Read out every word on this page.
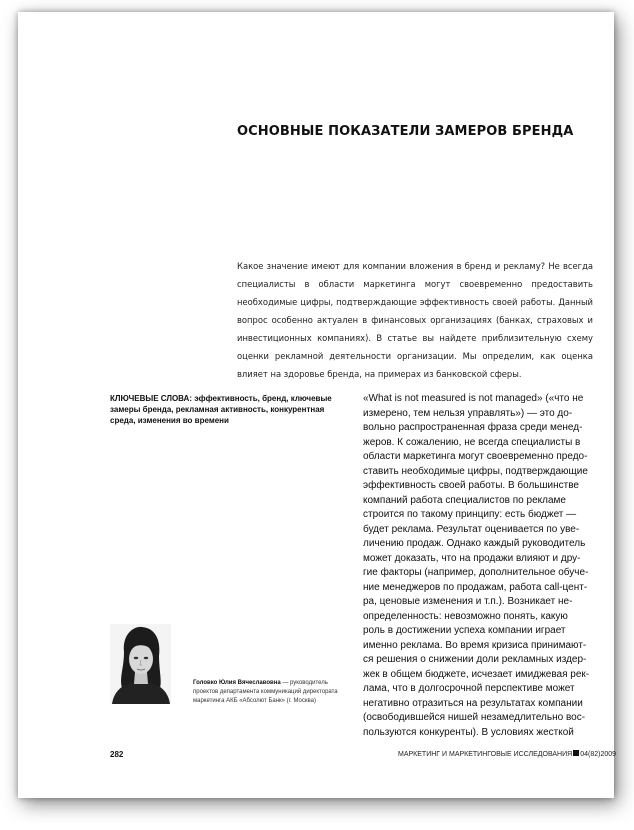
ОСНОВНЫЕ ПОКАЗАТЕЛИ ЗАМЕРОВ БРЕНДА

Какое значение имеют для компании вложения в бренд и рекламу? Не всегда специалисты в области маркетинга могут своевременно предоставить необходимые цифры, подтверждающие эффективность своей работы. Данный вопрос особенно актуален в финансовых организациях (банках, страховых и инвестиционных компаниях). В статье вы найдете приблизительную схему оценки рекламной деятельности организации. Мы определим, как оценка влияет на здоровье бренда, на примерах из банковской сферы.

КЛЮЧЕВЫЕ СЛОВА: эффективность, бренд, ключевые замеры бренда, рекламная активность, конкурентная среда, изменения во времени
«What is not measured is not managed» («что не
измерено, тем нельзя управлять») — это до-
вольно распространенная фраза среди менед-
жеров. К сожалению, не всегда специалисты в
области маркетинга могут своевременно предо-
ставить необходимые цифры, подтверждающие
эффективность своей работы. В большинстве
компаний работа специалистов по рекламе
строится по такому принципу: есть бюджет —
будет реклама. Результат оценивается по уве-
личению продаж. Однако каждый руководитель
может доказать, что на продажи влияют и дру-
гие факторы (например, дополнительное обуче-
ние менеджеров по продажам, работа call-цент-
ра, ценовые изменения и т.п.). Возникает не-
определенность: невозможно понять, какую
роль в достижении успеха компании играет
именно реклама. Во время кризиса принимают-
ся решения о снижении доли рекламных издер-
жек в общем бюджете, исчезает имиджевая рек-
лама, что в долгосрочной перспективе может
негативно отразиться на результатах компании
(освободившейся нишей незамедлительно вос-
пользуются конкуренты). В условиях жесткой
Головко Юлия Вячеславовна — руководитель проектов департамента коммуникаций директората маркетинга АКБ «Абсолют Банк» (г. Москва)
282	МАРКЕТИНГ И МАРКЕТИНГОВЫЕ ИССЛЕДОВАНИЯ 04(82)2009
